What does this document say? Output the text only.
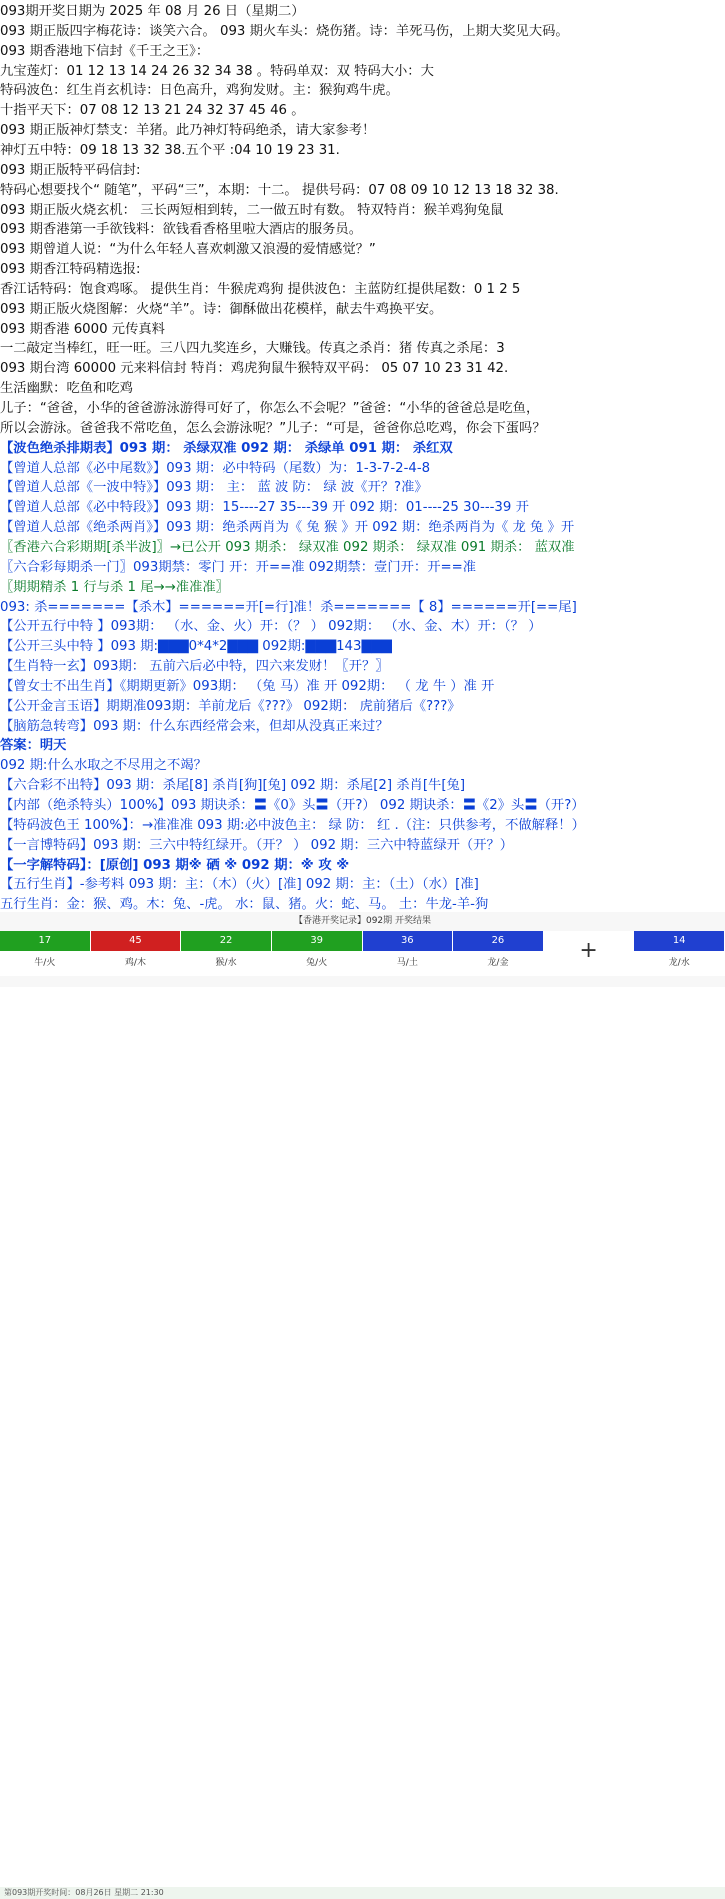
093期开奖日期为 2025 年 08 月 26 日（星期二）
093 期正版四字梅花诗：谈笑六合。 093 期火车头：烧伤猪。诗：羊死马伤，上期大奖见大码。
093 期香港地下信封《千王之王》：
九宝莲灯：01 12 13 14 24 26 32 34 38 。特码单双：双 特码大小：大
特码波色：红生肖玄机诗：日色高升，鸡狗发财。主：猴狗鸡牛虎。
十指平天下：07 08 12 13 21 24 32 37 45 46 。
093 期正版神灯禁支：羊猪。此乃神灯特码绝杀，请大家参考！
神灯五中特：09 18 13 32 38.五个平 :04 10 19 23 31.
093 期正版特平码信封:
特码心想要找个“ 随笔”，平码“三”，本期：十二。 提供号码：07 08 09 10 12 13 18 32 38.
093 期正版火烧玄机： 三长两短相到转，二一做五时有数。 特双特肖：猴羊鸡狗兔鼠
093 期香港第一手欲钱料：欲钱看香格里啦大酒店的服务员。
093 期曾道人说：“为什么年轻人喜欢刺激又浪漫的爱情感觉？”
093 期香江特码精选报:
香江话特码：饱食鸡啄。 提供生肖：牛猴虎鸡狗 提供波色：主蓝防红提供尾数：0 1 2 5
093 期正版火烧图解：火烧“羊”。诗：御酥做出花模样，献去牛鸡换平安。
093 期香港 6000 元传真料
一二敲定当棒红，旺一旺。三八四九奖连乡，大赚钱。传真之杀肖：猪 传真之杀尾：3
093 期台湾 60000 元来料信封 特肖：鸡虎狗鼠牛猴特双平码： 05 07 10 23 31 42.
生活幽默：吃鱼和吃鸡
儿子：“爸爸，小华的爸爸游泳游得可好了，你怎么不会呢？”爸爸：“小华的爸爸总是吃鱼，
所以会游泳。爸爸我不常吃鱼，怎么会游泳呢？”儿子：“可是，爸爸你总吃鸡，你会下蛋吗？
【波色绝杀排期表】093 期： 杀绿双准 092 期： 杀绿单 091 期： 杀红双
【曾道人总部《必中尾数》】093 期：必中特码（尾数）为：1-3-7-2-4-8
【曾道人总部《一波中特》】093 期： 主： 蓝 波 防： 绿 波《开？?准》
【曾道人总部《必中特段》】093 期：15----27 35---39 开 092 期：01----25 30---39 开
【曾道人总部《绝杀两肖》】093 期：绝杀两肖为《 兔 猴 》开 092 期：绝杀两肖为《 龙 兔 》开
〖香港六合彩期期[杀半波]〗→已公开 093 期杀： 绿双准 092 期杀： 绿双准 091 期杀： 蓝双准
〖六合彩每期杀一门〗093期禁：零门 开：开==准 092期禁：壹门开：开==准
〖期期精杀 1 行与杀 1 尾→→准准准〗
093: 杀=======【杀木】======开[=行]准！杀=======【 8】======开[==尾]
【公开五行中特 】093期： （水、金、火）开：（？ ） 092期： （水、金、木）开：（？ ）
【公开三头中特 】093 期:▇▇▇0*4*2▇▇▇ 092期:▇▇▇143▇▇▇
【生肖特一玄】093期： 五前六后必中特，四六来发财！〖开？〗
【曾女士不出生肖】《期期更新》093期： （兔 马）准 开 092期： （ 龙 牛 ）准 开
【公开金言玉语】期期准093期：羊前龙后《???》 092期： 虎前猪后《???》
【脑筋急转弯】093 期：什么东西经常会来，但却从没真正来过？
答案：明天
092 期:什么水取之不尽用之不竭？
【六合彩不出特】093 期：杀尾[8] 杀肖[狗][兔] 092 期：杀尾[2] 杀肖[牛[兔]
【内部（绝杀特头）100%】093 期诀杀：〓《0》头〓（开?） 092 期诀杀：〓《2》头〓（开?）
【特码波色王 100%】：→准准准 093 期:必中波色主： 绿 防： 红 .（注：只供参考，不做解释！）
【一言博特码】093 期：三六中特红绿开。（开？ ） 092 期：三六中特蓝绿开（开？）
【一字解特码】：[原创] 093 期※ 硒 ※ 092 期：※ 攻 ※
【五行生肖】-参考料 093 期：主：（木）（火）[准] 092 期：主：（土）（水）[准]
五行生肖：金：猴、鸡。木：兔、-虎。 水：鼠、猪。火：蛇、马。 土：牛龙-羊-狗
【香港开奖记录】092期 开奖结果
17
牛/火
45
鸡/木
22
猴/水
39
兔/火
36
马/土
26
龙/金	+	14
龙/水
第093期开奖时间：08月26日 星期二 21:30
